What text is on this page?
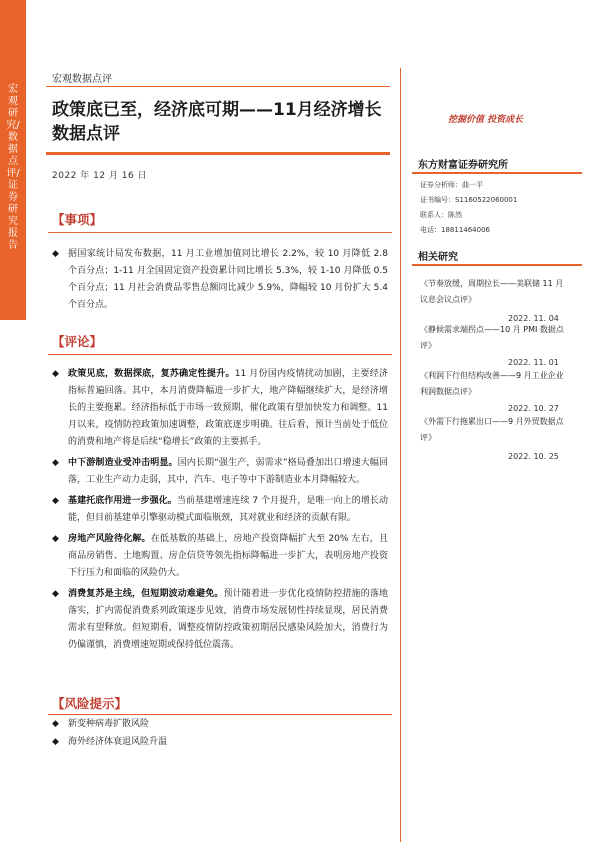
宏观研究/数据点评/证券研究报告
宏观数据点评
政策底已至，经济底可期——11月经济增长数据点评
2022 年 12 月 16 日
【事项】
◆	据国家统计局发布数据，11 月工业增加值同比增长 2.2%，较 10 月降低 2.8 个百分点；1-11 月全国固定资产投资累计同比增长 5.3%，较 1-10 月降低 0.5 个百分点；11 月社会消费品零售总额同比减少 5.9%，降幅较 10 月份扩大 5.4 个百分点。
【评论】
◆	政策见底，数据探底，复苏确定性提升。11 月份国内疫情扰动加剧，主要经济指标普遍回落。其中，本月消费降幅进一步扩大，地产降幅继续扩大，是经济增长的主要拖累。经济指标低于市场一致预期，催化政策有望加快发力和调整。11 月以来，疫情防控政策加速调整，政策底逐步明确。往后看，预计当前处于低位的消费和地产将是后续“稳增长”政策的主要抓手。
◆	中下游制造业受冲击明显。国内长期“强生产，弱需求”格局叠加出口增速大幅回落，工业生产动力走弱，其中，汽车、电子等中下游制造业本月降幅较大。
◆	基建托底作用进一步强化。当前基建增速连续 7 个月提升，是唯一向上的增长动能，但目前基建单引擎驱动模式面临瓶颈，其对就业和经济的贡献有限。
◆	房地产风险待化解。在低基数的基础上，房地产投资降幅扩大至 20% 左右，且商品房销售、土地购置、房企信贷等领先指标降幅进一步扩大，表明房地产投资下行压力和面临的风险仍大。
◆	消费复苏是主线，但短期波动难避免。预计随着进一步优化疫情防控措施的落地落实，扩内需促消费系列政策逐步见效，消费市场发展韧性持续显现，居民消费需求有望释放。但短期看，调整疫情防控政策初期居民感染风险加大，消费行为仍偏谨慎，消费增速短期或保持低位震荡。
【风险提示】
◆	新变种病毒扩散风险
◆	海外经济体衰退风险升温
挖掘价值 投资成长
东方财富证券研究所
证券分析师：曲一平
证书编号：S1160522060001
联系人：陈然
电话：18811464006
相关研究
《节奏放缓，周期拉长——美联储 11 月议息会议点评》
2022. 11. 04
《静候需求端拐点——10 月 PMI 数据点评》
2022. 11. 01
《利润下行但结构改善——9 月工业企业利润数据点评》
2022. 10. 27
《外需下行拖累出口——9 月外贸数据点评》
2022. 10. 25
